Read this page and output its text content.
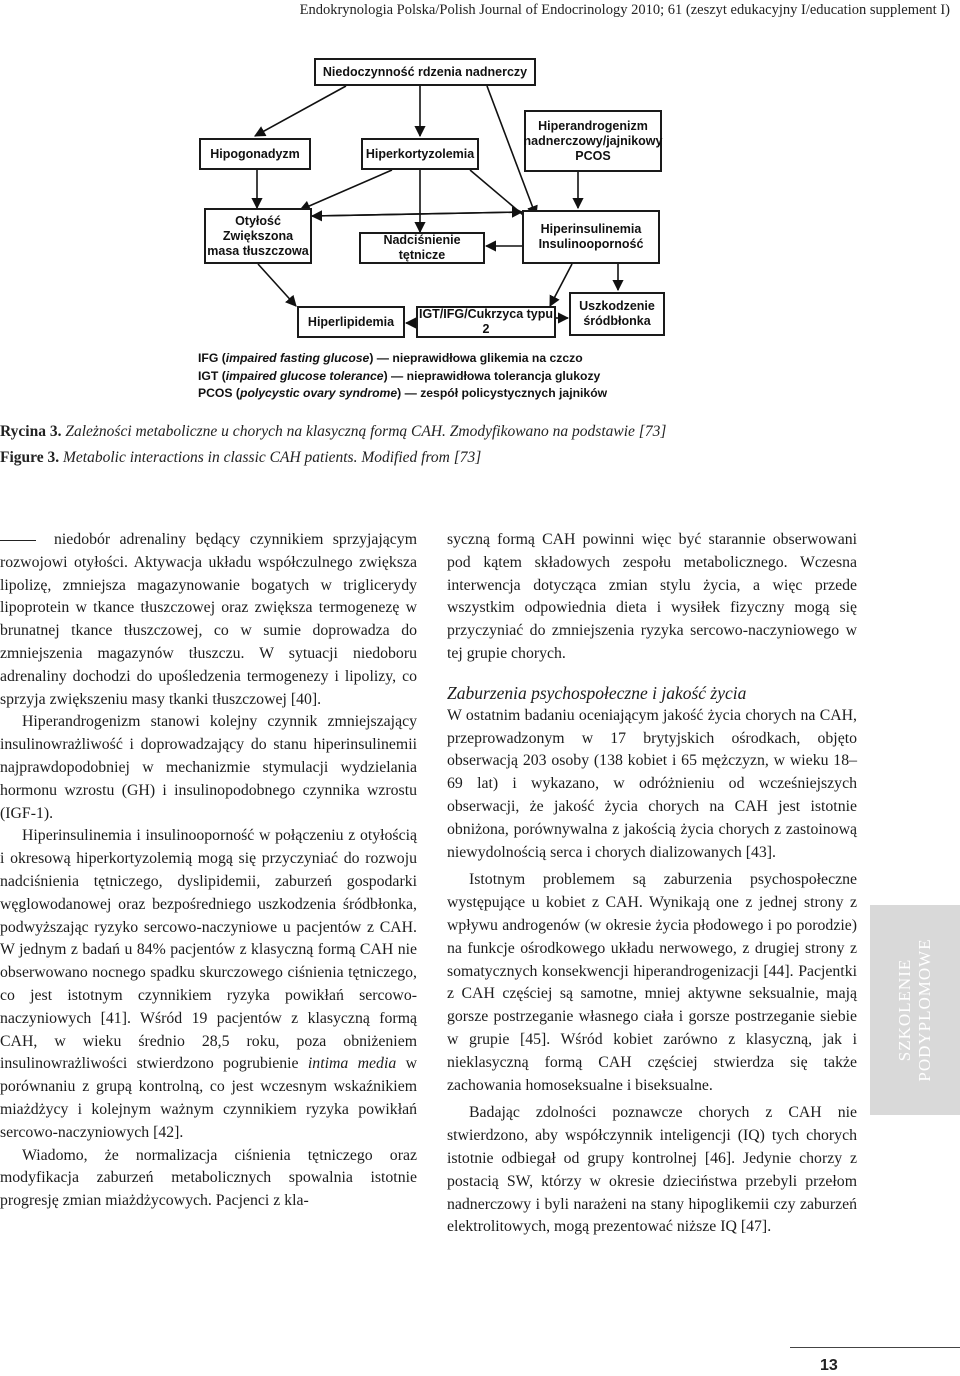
Endokrynologia Polska/Polish Journal of Endocrinology 2010; 61 (zeszyt edukacyjny I/education supplement I)
Niedoczynność rdzenia nadnerczy
Hipogonadyzm	Hiperkortyzolemia
Hiperandrogenizm
nadnerczowy/jajnikowy
PCOS
Otyłość
Zwiększona
masa tłuszczowa
Nadciśnienie tętnicze
Hiperinsulinemia
Insulinooporność
Hiperlipidemia
IGT/IFG/Cukrzyca typu 2
Uszkodzenie
śródbłonka
IFG (impaired fasting glucose) — nieprawidłowa glikemia na czczo
IGT (impaired glucose tolerance) — nieprawidłowa tolerancja glukozy
PCOS (polycystic ovary syndrome) — zespół policystycznych jajników
Rycina 3. Zależności metaboliczne u chorych na klasyczną formą CAH. Zmodyfikowano na podstawie [73]
Figure 3. Metabolic interactions in classic CAH patients. Modified from [73]

niedobór adrenaliny będący czynnikiem sprzyjającym rozwojowi otyłości. Aktywacja układu współczulnego zwiększa lipolizę, zmniejsza magazynowanie bogatych w triglicerydy lipoprotein w tkance tłuszczowej oraz zwiększa termogenezę w brunatnej tkance tłuszczowej, co w sumie doprowadza do zmniejszenia magazynów tłuszczu. W sytuacji niedoboru adrenaliny dochodzi do upośledzenia termogenezy i lipolizy, co sprzyja zwiększeniu masy tkanki tłuszczowej [40].

Hiperandrogenizm stanowi kolejny czynnik zmniejszający insulinowrażliwość i doprowadzający do stanu hiperinsulinemii najprawdopodobniej w mechanizmie stymulacji wydzielania hormonu wzrostu (GH) i insulinopodobnego czynnika wzrostu (IGF-1).

Hiperinsulinemia i insulinooporność w połączeniu z otyłością i okresową hiperkortyzolemią mogą się przyczyniać do rozwoju nadciśnienia tętniczego, dyslipidemii, zaburzeń gospodarki węglowodanowej oraz bezpośredniego uszkodzenia śródbłonka, podwyższając ryzyko sercowo-naczyniowe u pacjentów z CAH. W jednym z badań u 84% pacjentów z klasyczną formą CAH nie obserwowano nocnego spadku skurczowego ciśnienia tętniczego, co jest istotnym czynnikiem ryzyka powikłań sercowo-naczyniowych [41]. Wśród 19 pacjentów z klasyczną formą CAH, w wieku średnio 28,5 roku, poza obniżeniem insulinowrażliwości stwierdzono pogrubienie intima media w porównaniu z grupą kontrolną, co jest wczesnym wskaźnikiem miażdżycy i kolejnym ważnym czynnikiem ryzyka powikłań sercowo-naczyniowych [42].

Wiadomo, że normalizacja ciśnienia tętniczego oraz modyfikacja zaburzeń metabolicznych spowalnia istotnie progresję zmian miażdżycowych. Pacjenci z kla-

syczną formą CAH powinni więc być starannie obserwowani pod kątem składowych zespołu metabolicznego. Wczesna interwencja dotycząca zmian stylu życia, a więc przede wszystkim odpowiednia dieta i wysiłek fizyczny mogą się przyczyniać do zmniejszenia ryzyka sercowo-naczyniowego w tej grupie chorych.

Zaburzenia psychospołeczne i jakość życia

W ostatnim badaniu oceniającym jakość życia chorych na CAH, przeprowadzonym w 17 brytyjskich ośrodkach, objęto obserwacją 203 osoby (138 kobiet i 65 mężczyzn, w wieku 18–69 lat) i wykazano, w odróżnieniu od wcześniejszych obserwacji, że jakość życia chorych na CAH jest istotnie obniżona, porównywalna z jakością życia chorych z zastoinową niewydolnością serca i chorych dializowanych [43].

Istotnym problemem są zaburzenia psychospołeczne występujące u kobiet z CAH. Wynikają one z jednej strony z wpływu androgenów (w okresie życia płodowego i po porodzie) na funkcje ośrodkowego układu nerwowego, z drugiej strony z somatycznych konsekwencji hiperandrogenizacji [44]. Pacjentki z CAH częściej są samotne, mniej aktywne seksualnie, mają gorsze postrzeganie własnego ciała i gorsze postrzeganie siebie w grupie [45]. Wśród kobiet zarówno z klasyczną, jak i nieklasyczną formą CAH częściej stwierdza się także zachowania homoseksualne i biseksualne.

Badając zdolności poznawcze chorych z CAH nie stwierdzono, aby współczynnik inteligencji (IQ) tych chorych istotnie odbiegał od grupy kontrolnej [46]. Jedynie chorzy z postacią SW, którzy w okresie dzieciństwa przebyli przełom nadnerczowy i byli narażeni na stany hipoglikemii czy zaburzeń elektrolitowych, mogą prezentować niższe IQ [47].

SZKOLENIE PODYPLOMOWE
13
